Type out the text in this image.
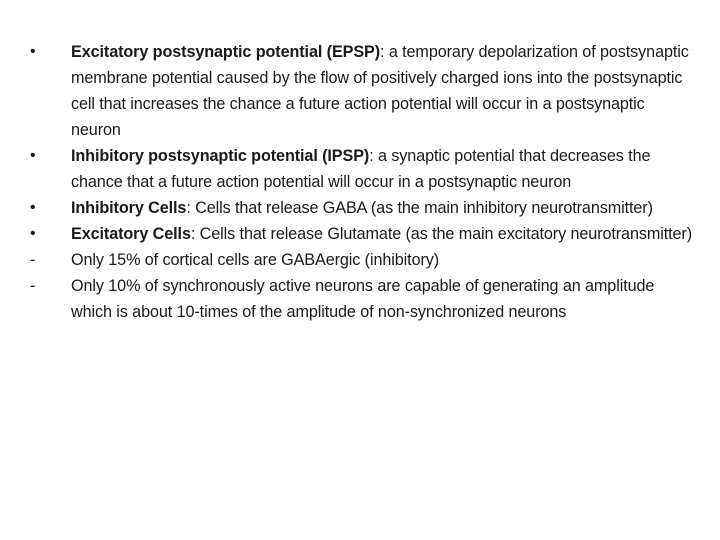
•	Excitatory postsynaptic potential (EPSP): a temporary depolarization of postsynaptic membrane potential caused by the flow of positively charged ions into the postsynaptic cell that increases the chance a future action potential will occur in a postsynaptic neuron

•	Inhibitory postsynaptic potential (IPSP): a synaptic potential that decreases the chance that a future action potential will occur in a postsynaptic neuron

•	Inhibitory Cells: Cells that release GABA (as the main inhibitory neurotransmitter)

•	Excitatory Cells: Cells that release Glutamate (as the main excitatory neurotransmitter)

-	Only 15% of cortical cells are GABAergic (inhibitory)

-	Only 10% of synchronously active neurons are capable of generating an amplitude which is about 10-times of the amplitude of non-synchronized neurons
